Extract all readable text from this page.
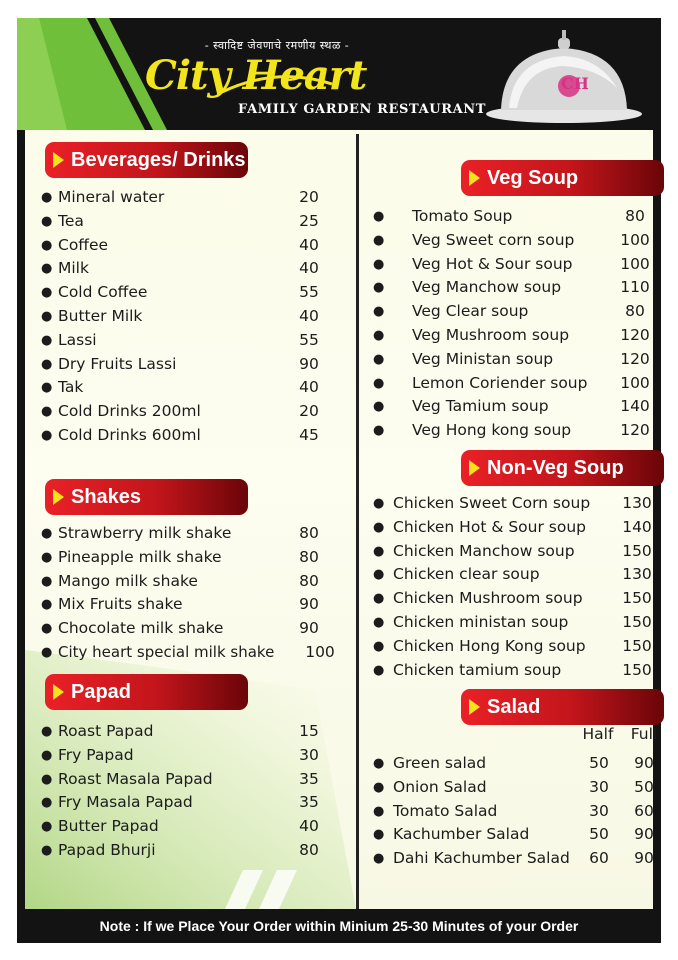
- स्वादिष्ट जेवणाचे रमणीय स्थळ -
City Heart
FAMILY GARDEN RESTAURANT
CH
Beverages/ Drinks
● Mineral water	20
● Tea	25
● Coffee	40
● Milk	40
● Cold Coffee	55
● Butter Milk	40
● Lassi	55
● Dry Fruits Lassi	90
● Tak	40
● Cold Drinks 200ml	20
● Cold Drinks 600ml	45
Shakes
● Strawberry milk shake	80
● Pineapple milk shake	80
● Mango milk shake	80
● Mix Fruits shake	90
● Chocolate milk shake	90
● City heart special milk shake	100
Papad
● Roast Papad	15
● Fry Papad	30
● Roast Masala Papad	35
● Fry Masala Papad	35
● Butter Papad	40
● Papad Bhurji	80
Veg Soup
● Tomato Soup	80
● Veg Sweet corn soup	100
● Veg Hot & Sour soup	100
● Veg Manchow soup	110
● Veg Clear soup	80
● Veg Mushroom soup	120
● Veg Ministan soup	120
● Lemon Coriender soup	100
● Veg Tamium soup	140
● Veg Hong kong soup	120
Non-Veg Soup
● Chicken Sweet Corn soup	130
● Chicken Hot & Sour soup	140
● Chicken Manchow soup	150
● Chicken clear soup	130
● Chicken Mushroom soup	150
● Chicken ministan soup	150
● Chicken Hong Kong soup	150
● Chicken tamium soup	150
Salad
Half	Full
● Green salad	50	90
● Onion Salad	30	50
● Tomato Salad	30	60
● Kachumber Salad	50	90
● Dahi Kachumber Salad	60	90
Note : If we Place Your Order within Minium 25-30 Minutes of your Order
